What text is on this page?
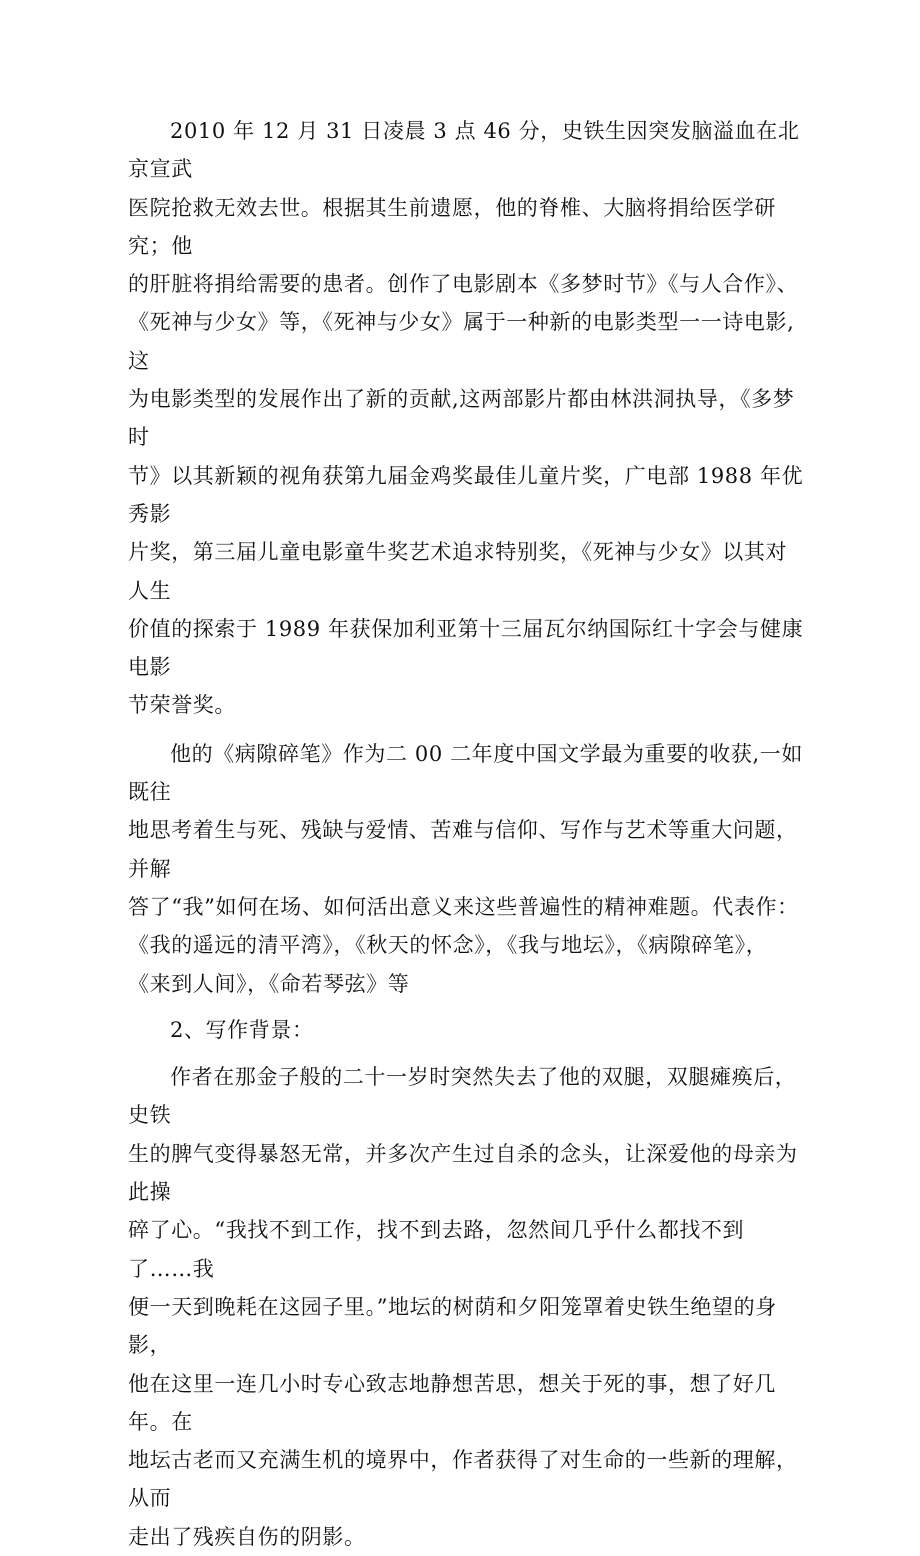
2010 年 12 月 31 日凌晨 3 点 46 分，史铁生因突发脑溢血在北京宣武
医院抢救无效去世。根据其生前遗愿，他的脊椎、大脑将捐给医学研究；他
的肝脏将捐给需要的患者。创作了电影剧本《多梦时节》《与人合作》、
《死神与少女》等，《死神与少女》属于一种新的电影类型一一诗电影,这
为电影类型的发展作出了新的贡献,这两部影片都由林洪洞执导，《多梦时
节》以其新颖的视角获第九届金鸡奖最佳儿童片奖，广电部 1988 年优秀影
片奖，第三届儿童电影童牛奖艺术追求特别奖，《死神与少女》以其对人生
价值的探索于 1989 年获保加利亚第十三届瓦尔纳国际红十字会与健康电影
节荣誉奖。

他的《病隙碎笔》作为二 00 二年度中国文学最为重要的收获,一如既往
地思考着生与死、残缺与爱情、苦难与信仰、写作与艺术等重大问题，并解
答了“我”如何在场、如何活出意义来这些普遍性的精神难题。代表作：
《我的遥远的清平湾》，《秋天的怀念》，《我与地坛》，《病隙碎笔》，
《来到人间》，《命若琴弦》等

2、写作背景：

作者在那金子般的二十一岁时突然失去了他的双腿，双腿瘫痪后，史铁
生的脾气变得暴怒无常，并多次产生过自杀的念头，让深爱他的母亲为此操
碎了心。“我找不到工作，找不到去路，忽然间几乎什么都找不到了……我
便一天到晚耗在这园子里。”地坛的树荫和夕阳笼罩着史铁生绝望的身影，
他在这里一连几小时专心致志地静想苦思，想关于死的事，想了好几年。在
地坛古老而又充满生机的境界中，作者获得了对生命的一些新的理解，从而
走出了残疾自伤的阴影。
